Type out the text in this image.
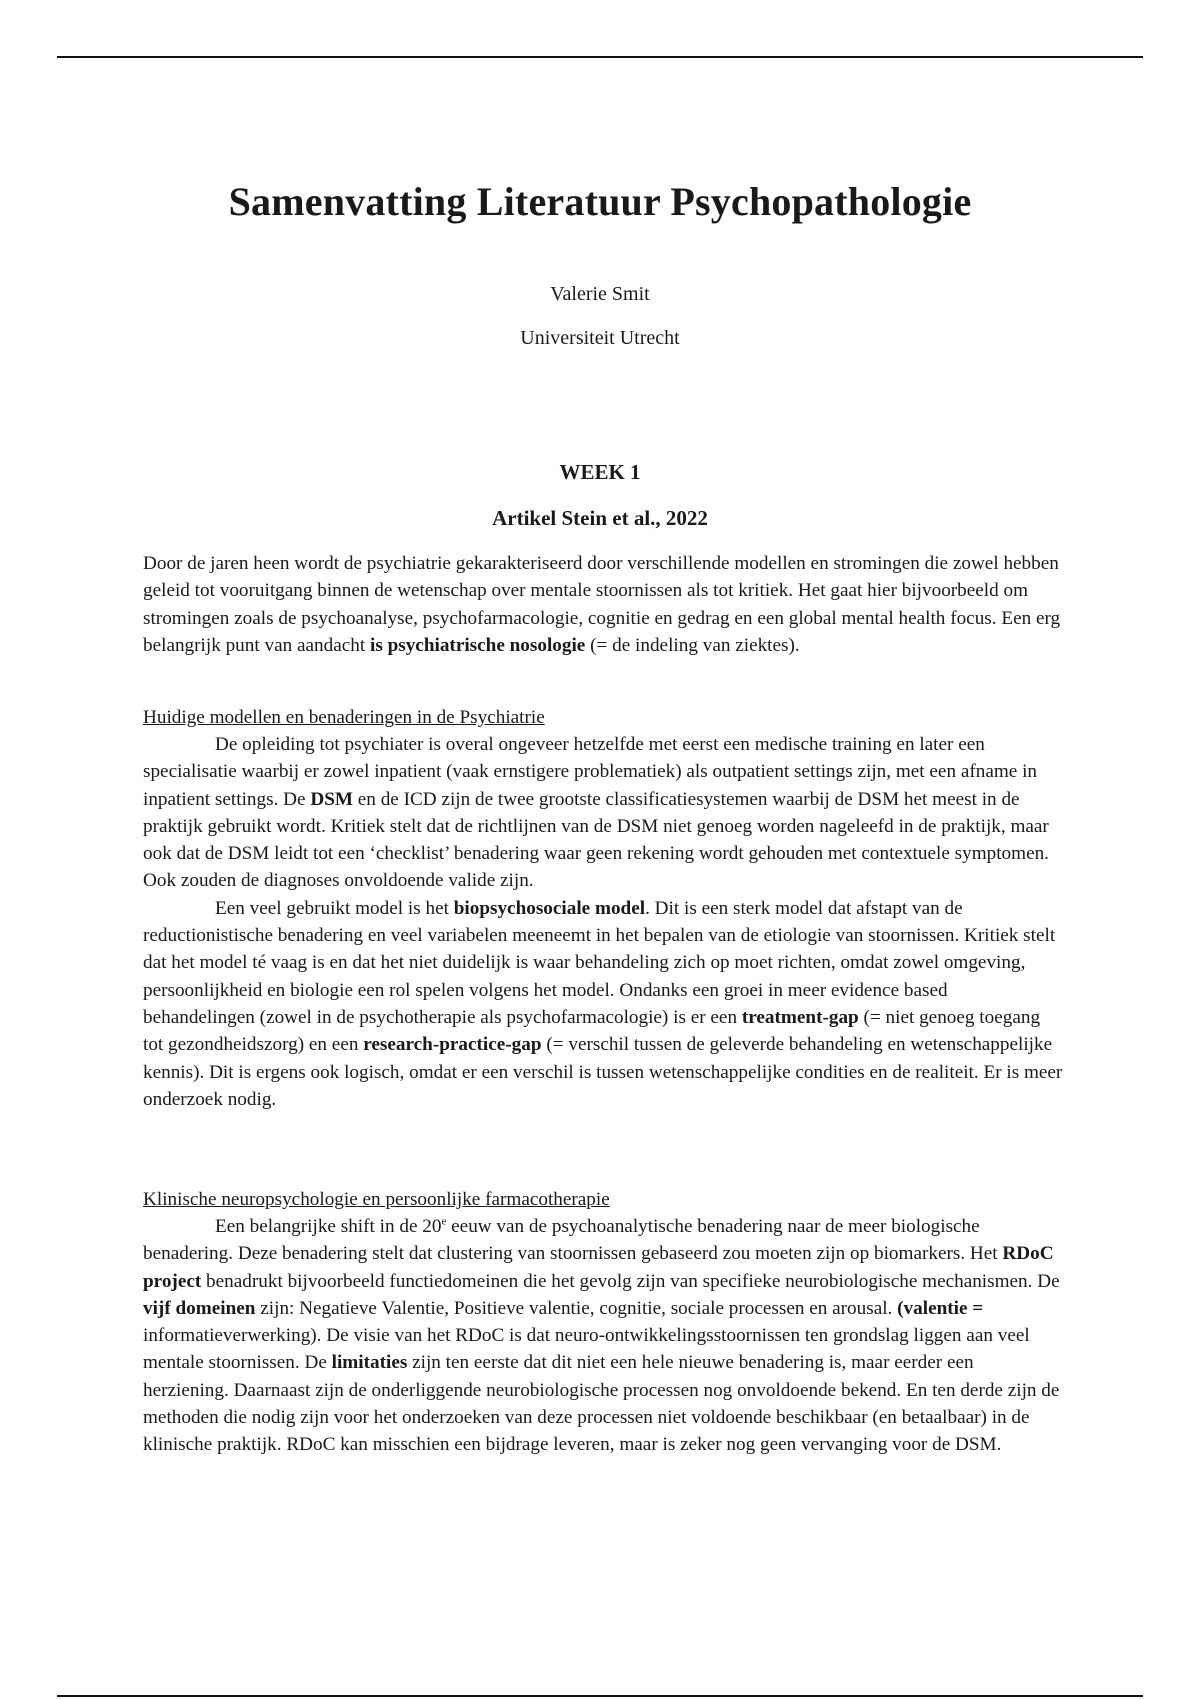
Samenvatting Literatuur Psychopathologie

Valerie Smit

Universiteit Utrecht

WEEK 1

Artikel Stein et al., 2022

Door de jaren heen wordt de psychiatrie gekarakteriseerd door verschillende modellen en stromingen die zowel hebben geleid tot vooruitgang binnen de wetenschap over mentale stoornissen als tot kritiek. Het gaat hier bijvoorbeeld om stromingen zoals de psychoanalyse, psychofarmacologie, cognitie en gedrag en een global mental health focus. Een erg belangrijk punt van aandacht is psychiatrische nosologie (= de indeling van ziektes).

Huidige modellen en benaderingen in de Psychiatrie

De opleiding tot psychiater is overal ongeveer hetzelfde met eerst een medische training en later een specialisatie waarbij er zowel inpatient (vaak ernstigere problematiek) als outpatient settings zijn, met een afname in inpatient settings. De DSM en de ICD zijn de twee grootste classificatiesystemen waarbij de DSM het meest in de praktijk gebruikt wordt. Kritiek stelt dat de richtlijnen van de DSM niet genoeg worden nageleefd in de praktijk, maar ook dat de DSM leidt tot een ‘checklist’ benadering waar geen rekening wordt gehouden met contextuele symptomen. Ook zouden de diagnoses onvoldoende valide zijn.

Een veel gebruikt model is het biopsychosociale model. Dit is een sterk model dat afstapt van de reductionistische benadering en veel variabelen meeneemt in het bepalen van de etiologie van stoornissen. Kritiek stelt dat het model té vaag is en dat het niet duidelijk is waar behandeling zich op moet richten, omdat zowel omgeving, persoonlijkheid en biologie een rol spelen volgens het model. Ondanks een groei in meer evidence based behandelingen (zowel in de psychotherapie als psychofarmacologie) is er een treatment-gap (= niet genoeg toegang tot gezondheidszorg) en een research-practice-gap (= verschil tussen de geleverde behandeling en wetenschappelijke kennis). Dit is ergens ook logisch, omdat er een verschil is tussen wetenschappelijke condities en de realiteit. Er is meer onderzoek nodig.

Klinische neuropsychologie en persoonlijke farmacotherapie

Een belangrijke shift in de 20e eeuw van de psychoanalytische benadering naar de meer biologische benadering. Deze benadering stelt dat clustering van stoornissen gebaseerd zou moeten zijn op biomarkers. Het RDoC project benadrukt bijvoorbeeld functiedomeinen die het gevolg zijn van specifieke neurobiologische mechanismen. De vijf domeinen zijn: Negatieve Valentie, Positieve valentie, cognitie, sociale processen en arousal. (valentie = informatieverwerking). De visie van het RDoC is dat neuro-ontwikkelingsstoornissen ten grondslag liggen aan veel mentale stoornissen. De limitaties zijn ten eerste dat dit niet een hele nieuwe benadering is, maar eerder een herziening. Daarnaast zijn de onderliggende neurobiologische processen nog onvoldoende bekend. En ten derde zijn de methoden die nodig zijn voor het onderzoeken van deze processen niet voldoende beschikbaar (en betaalbaar) in de klinische praktijk. RDoC kan misschien een bijdrage leveren, maar is zeker nog geen vervanging voor de DSM.
